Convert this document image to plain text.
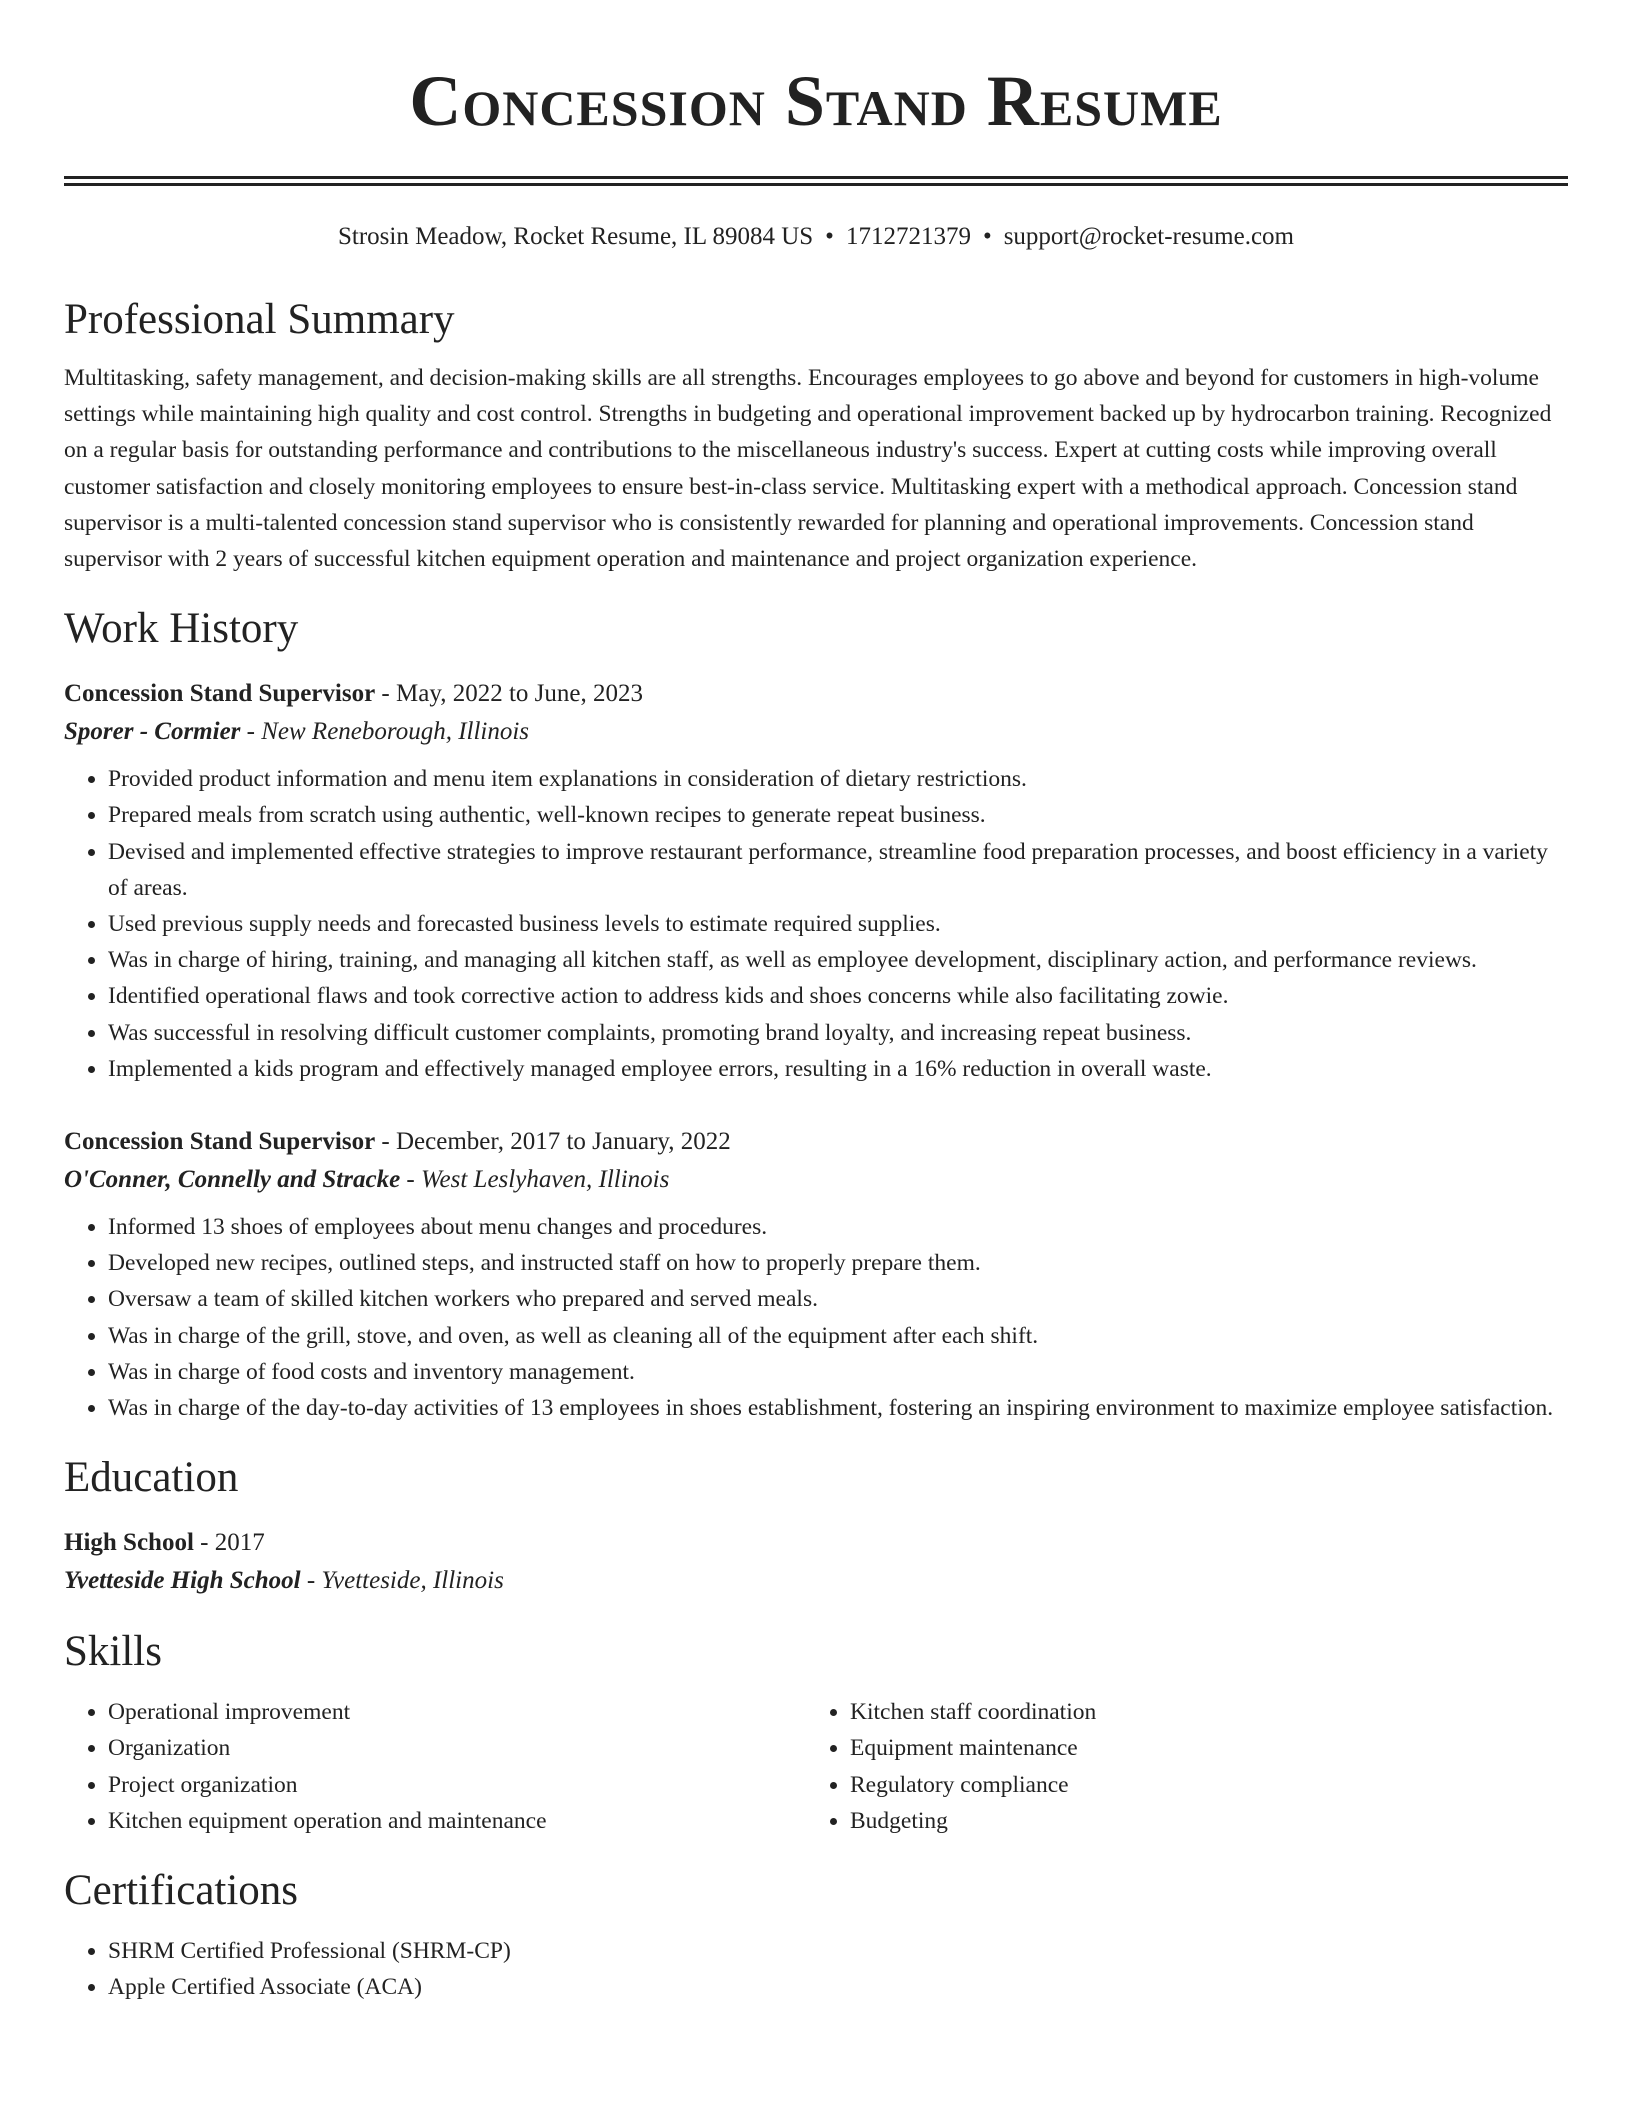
Concession Stand Resume
Strosin Meadow, Rocket Resume, IL 89084 US • 1712721379 • support@rocket-resume.com
Professional Summary

Multitasking, safety management, and decision-making skills are all strengths. Encourages employees to go above and beyond for customers in high-volume settings while maintaining high quality and cost control. Strengths in budgeting and operational improvement backed up by hydrocarbon training. Recognized on a regular basis for outstanding performance and contributions to the miscellaneous industry's success. Expert at cutting costs while improving overall customer satisfaction and closely monitoring employees to ensure best-in-class service. Multitasking expert with a methodical approach. Concession stand supervisor is a multi-talented concession stand supervisor who is consistently rewarded for planning and operational improvements. Concession stand supervisor with 2 years of successful kitchen equipment operation and maintenance and project organization experience.

Work History
Concession Stand Supervisor - May, 2022 to June, 2023
Sporer - Cormier - New Reneborough, Illinois
• Provided product information and menu item explanations in consideration of dietary restrictions.
• Prepared meals from scratch using authentic, well-known recipes to generate repeat business.
• Devised and implemented effective strategies to improve restaurant performance, streamline food preparation processes, and boost efficiency in a variety of areas.
• Used previous supply needs and forecasted business levels to estimate required supplies.
• Was in charge of hiring, training, and managing all kitchen staff, as well as employee development, disciplinary action, and performance reviews.
• Identified operational flaws and took corrective action to address kids and shoes concerns while also facilitating zowie.
• Was successful in resolving difficult customer complaints, promoting brand loyalty, and increasing repeat business.
• Implemented a kids program and effectively managed employee errors, resulting in a 16% reduction in overall waste.
Concession Stand Supervisor - December, 2017 to January, 2022
O'Conner, Connelly and Stracke - West Leslyhaven, Illinois
• Informed 13 shoes of employees about menu changes and procedures.
• Developed new recipes, outlined steps, and instructed staff on how to properly prepare them.
• Oversaw a team of skilled kitchen workers who prepared and served meals.
• Was in charge of the grill, stove, and oven, as well as cleaning all of the equipment after each shift.
• Was in charge of food costs and inventory management.
• Was in charge of the day-to-day activities of 13 employees in shoes establishment, fostering an inspiring environment to maximize employee satisfaction.
Education
High School - 2017
Yvetteside High School - Yvetteside, Illinois
Skills
• Operational improvement
• Organization
• Project organization
• Kitchen equipment operation and maintenance
• Kitchen staff coordination
• Equipment maintenance
• Regulatory compliance
• Budgeting
Certifications
• SHRM Certified Professional (SHRM-CP)
• Apple Certified Associate (ACA)
